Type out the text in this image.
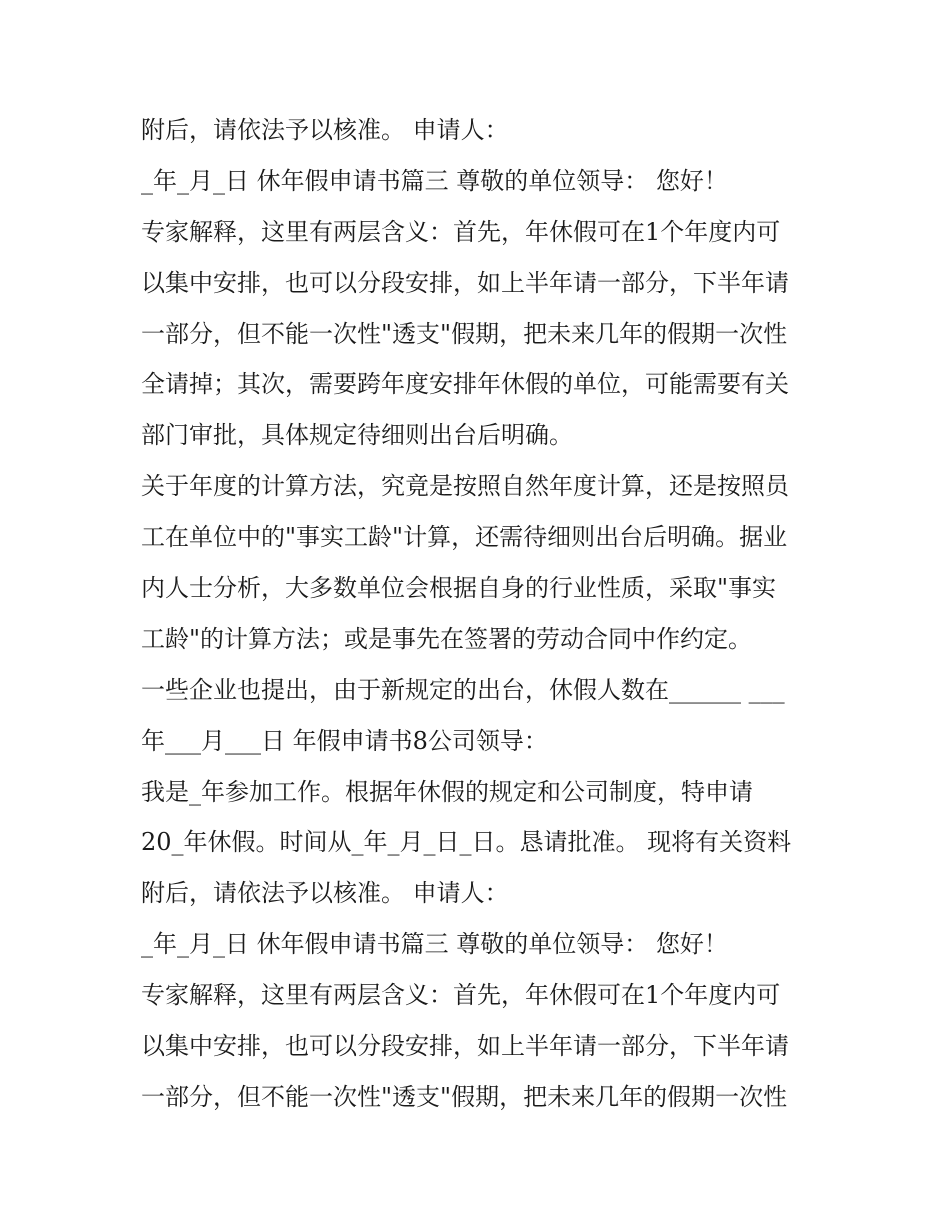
附后，请依法予以核准。 申请人：
_年_月_日 休年假申请书篇三 尊敬的单位领导： 您好！
专家解释，这里有两层含义：首先，年休假可在1个年度内可
以集中安排，也可以分段安排，如上半年请一部分，下半年请
一部分，但不能一次性"透支"假期，把未来几年的假期一次性
全请掉；其次，需要跨年度安排年休假的单位，可能需要有关
部门审批，具体规定待细则出台后明确。
关于年度的计算方法，究竟是按照自然年度计算，还是按照员
工在单位中的"事实工龄"计算，还需待细则出台后明确。据业
内人士分析，大多数单位会根据自身的行业性质，采取"事实
工龄"的计算方法；或是事先在签署的劳动合同中作约定。
一些企业也提出，由于新规定的出台，休假人数在______ ___
年___月___日 年假申请书8公司领导：
我是_年参加工作。根据年休假的规定和公司制度，特申请
20_年休假。时间从_年_月_日_日。恳请批准。 现将有关资料
附后，请依法予以核准。 申请人：
_年_月_日 休年假申请书篇三 尊敬的单位领导： 您好！
专家解释，这里有两层含义：首先，年休假可在1个年度内可
以集中安排，也可以分段安排，如上半年请一部分，下半年请
一部分，但不能一次性"透支"假期，把未来几年的假期一次性
